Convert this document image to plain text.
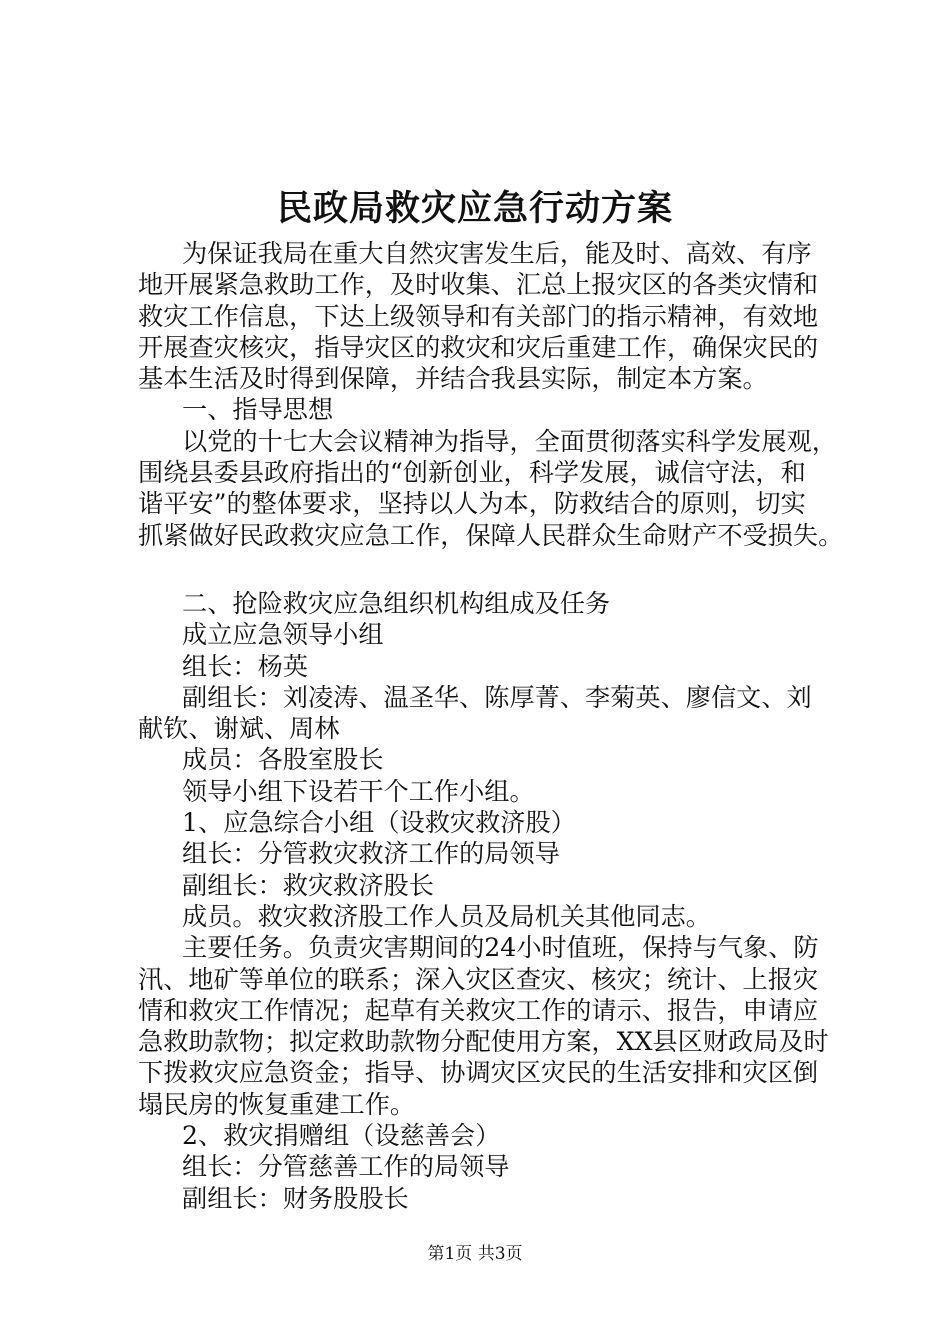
民政局救灾应急行动方案
为保证我局在重大自然灾害发生后，能及时、高效、有序
地开展紧急救助工作，及时收集、汇总上报灾区的各类灾情和
救灾工作信息，下达上级领导和有关部门的指示精神，有效地
开展查灾核灾，指导灾区的救灾和灾后重建工作，确保灾民的
基本生活及时得到保障，并结合我县实际，制定本方案。
一、指导思想
以党的十七大会议精神为指导，全面贯彻落实科学发展观，
围绕县委县政府指出的“创新创业，科学发展，诚信守法，和
谐平安”的整体要求，坚持以人为本，防救结合的原则，切实
抓紧做好民政救灾应急工作，保障人民群众生命财产不受损失。
二、抢险救灾应急组织机构组成及任务
成立应急领导小组
组长：杨英
副组长：刘凌涛、温圣华、陈厚菁、李菊英、廖信文、刘
献钦、谢斌、周林
成员：各股室股长
领导小组下设若干个工作小组。
1、应急综合小组（设救灾救济股）
组长：分管救灾救济工作的局领导
副组长：救灾救济股长
成员。救灾救济股工作人员及局机关其他同志。
主要任务。负责灾害期间的24小时值班，保持与气象、防
汛、地矿等单位的联系；深入灾区查灾、核灾；统计、上报灾
情和救灾工作情况；起草有关救灾工作的请示、报告，申请应
急救助款物；拟定救助款物分配使用方案，XX县区财政局及时
下拨救灾应急资金；指导、协调灾区灾民的生活安排和灾区倒
塌民房的恢复重建工作。
2、救灾捐赠组（设慈善会）
组长：分管慈善工作的局领导
副组长：财务股股长
第1页 共3页
